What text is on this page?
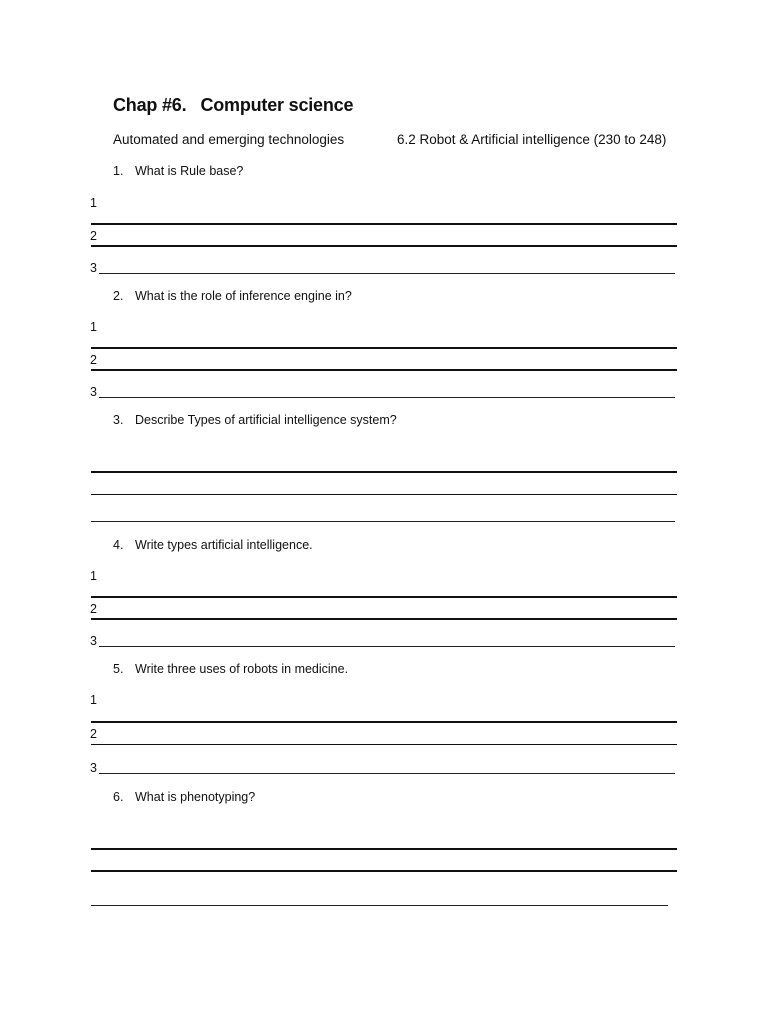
Chap #6. Computer science
Automated and emerging technologies	6.2 Robot & Artificial intelligence (230 to 248)
1. What is Rule base?
1
2
3
2. What is the role of inference engine in?
1
2
3
3. Describe Types of artificial intelligence system?
4. Write types artificial intelligence.
1
2
3
5. Write three uses of robots in medicine.
1
2
3
6. What is phenotyping?
